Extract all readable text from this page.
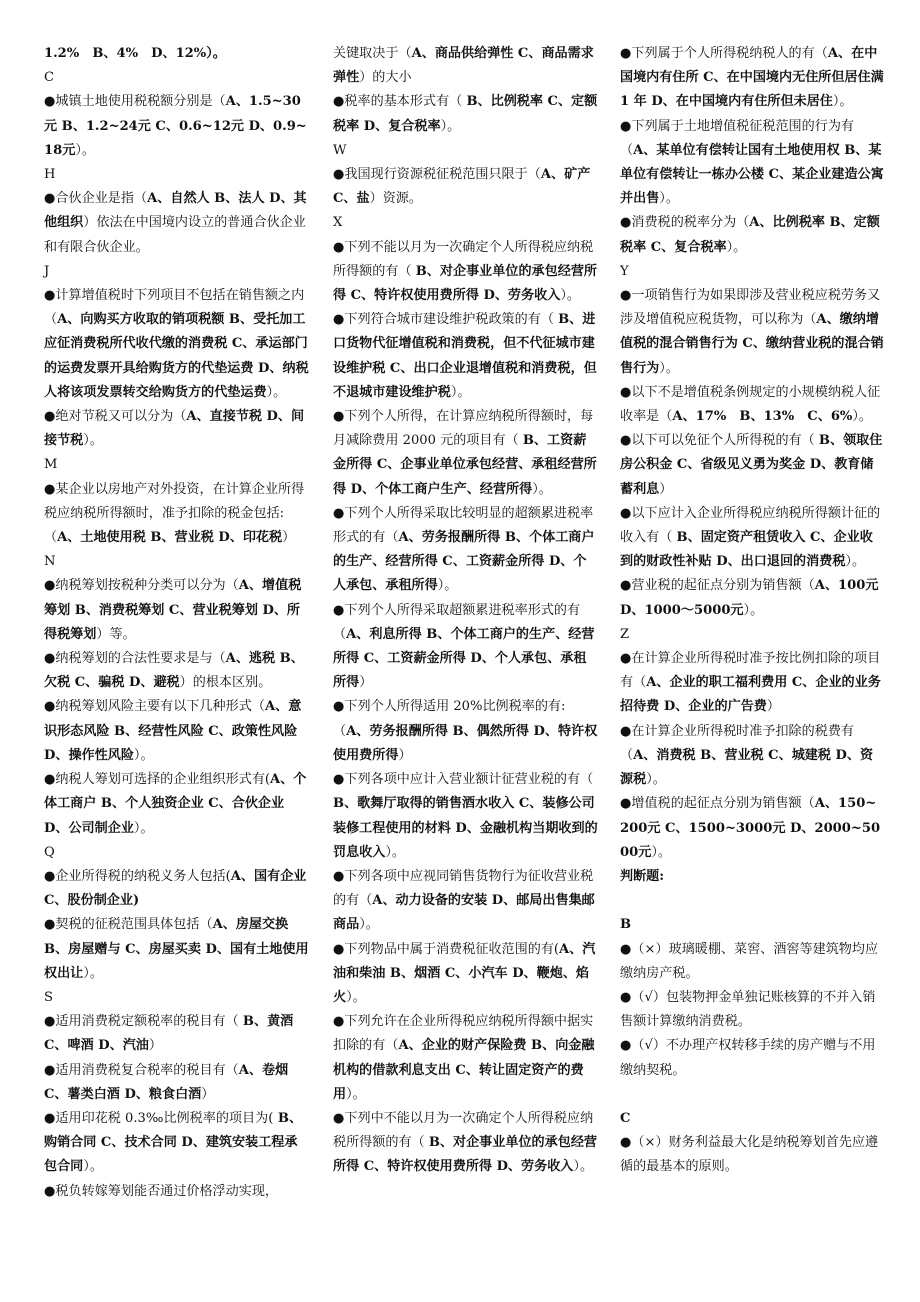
1.2%　B、4%　D、12%）。

C

●城镇土地使用税税额分别是（A、1.5~30元 B、1.2~24元 C、0.6~12元 D、0.9~18元）。

H

●合伙企业是指（A、自然人 B、法人 D、其他组织）依法在中国境内设立的普通合伙企业和有限合伙企业。

J

●计算增值税时下列项目不包括在销售额之内（A、向购买方收取的销项税额 B、受托加工应征消费税所代收代缴的消费税 C、承运部门的运费发票开具给购货方的代垫运费 D、纳税人将该项发票转交给购货方的代垫运费）。

●绝对节税又可以分为（A、直接节税 D、间接节税）。

M

●某企业以房地产对外投资，在计算企业所得税应纳税所得额时，准予扣除的税金包括:（A、土地使用税 B、营业税 D、印花税）

N

●纳税筹划按税种分类可以分为（A、增值税筹划 B、消费税筹划 C、营业税筹划 D、所得税筹划）等。

●纳税筹划的合法性要求是与（A、逃税 B、欠税 C、骗税 D、避税）的根本区别。

●纳税筹划风险主要有以下几种形式（A、意识形态风险 B、经营性风险 C、政策性风险 D、操作性风险）。

●纳税人筹划可选择的企业组织形式有(A、个体工商户 B、个人独资企业 C、合伙企业 D、公司制企业）。

Q

●企业所得税的纳税义务人包括(A、国有企业 C、股份制企业)

●契税的征税范围具体包括（A、房屋交换 B、房屋赠与 C、房屋买卖 D、国有土地使用权出让）。

S

●适用消费税定额税率的税目有（ B、黄酒 C、啤酒 D、汽油）

●适用消费税复合税率的税目有（A、卷烟 C、薯类白酒 D、粮食白酒）

●适用印花税 0.3‰比例税率的项目为( B、购销合同 C、技术合同 D、建筑安装工程承包合同）。

●税负转嫁筹划能否通过价格浮动实现，

关键取决于（A、商品供给弹性 C、商品需求弹性）的大小

●税率的基本形式有（ B、比例税率 C、定额税率 D、复合税率）。

W

●我国现行资源税征税范围只限于（A、矿产 C、盐）资源。

X

●下列不能以月为一次确定个人所得税应纳税所得额的有（ B、对企事业单位的承包经营所得 C、特许权使用费所得 D、劳务收入）。

●下列符合城市建设维护税政策的有（ B、进口货物代征增值税和消费税，但不代征城市建设维护税 C、出口企业退增值税和消费税，但不退城市建设维护税）。

●下列个人所得，在计算应纳税所得额时，每月减除费用 2000 元的项目有（ B、工资薪金所得 C、企事业单位承包经营、承租经营所得 D、个体工商户生产、经营所得）。

●下列个人所得采取比较明显的超额累进税率形式的有（A、劳务报酬所得 B、个体工商户的生产、经营所得 C、工资薪金所得 D、个人承包、承租所得）。

●下列个人所得采取超额累进税率形式的有（A、利息所得 B、个体工商户的生产、经营所得 C、工资薪金所得 D、个人承包、承租所得）

●下列个人所得适用 20%比例税率的有:（A、劳务报酬所得 B、偶然所得 D、特许权使用费所得）

●下列各项中应计入营业额计征营业税的有（ B、歌舞厅取得的销售酒水收入 C、装修公司装修工程使用的材料 D、金融机构当期收到的罚息收入）。

●下列各项中应视同销售货物行为征收营业税的有（A、动力设备的安装 D、邮局出售集邮商品）。

●下列物品中属于消费税征收范围的有(A、汽油和柴油 B、烟酒 C、小汽车 D、鞭炮、焰火）。

●下列允许在企业所得税应纳税所得额中据实扣除的有（A、企业的财产保险费 B、向金融机构的借款利息支出 C、转让固定资产的费用）。

●下列中不能以月为一次确定个人所得税应纳税所得额的有（ B、对企事业单位的承包经营所得 C、特许权使用费所得 D、劳务收入）。

●下列属于个人所得税纳税人的有（A、在中国境内有住所 C、在中国境内无住所但居住满 1 年 D、在中国境内有住所但未居住）。

●下列属于土地增值税征税范围的行为有（A、某单位有偿转让国有土地使用权 B、某单位有偿转让一栋办公楼 C、某企业建造公寓并出售）。

●消费税的税率分为（A、比例税率 B、定额税率 C、复合税率）。

Y

●一项销售行为如果即涉及营业税应税劳务又涉及增值税应税货物，可以称为（A、缴纳增值税的混合销售行为 C、缴纳营业税的混合销售行为）。

●以下不是增值税条例规定的小规模纳税人征收率是（A、17%　B、13%　C、6%）。

●以下可以免征个人所得税的有（ B、领取住房公积金 C、省级见义勇为奖金 D、教育储蓄利息）

●以下应计入企业所得税应纳税所得额计征的收入有（ B、固定资产租赁收入 C、企业收到的财政性补贴 D、出口退回的消费税）。

●营业税的起征点分别为销售额（A、100元 D、1000～5000元）。

Z

●在计算企业所得税时准予按比例扣除的项目有（A、企业的职工福利费用 C、企业的业务招待费 D、企业的广告费）

●在计算企业所得税时准予扣除的税费有（A、消费税 B、营业税 C、城建税 D、资源税）。

●增值税的起征点分别为销售额（A、150~200元 C、1500~3000元 D、2000~5000元）。

判断题:

B

●（×）玻璃暖棚、菜窖、酒窖等建筑物均应缴纳房产税。

●（√）包装物押金单独记账核算的不并入销售额计算缴纳消费税。

●（√）不办理产权转移手续的房产赠与不用缴纳契税。

C

●（×）财务利益最大化是纳税筹划首先应遵循的最基本的原则。
